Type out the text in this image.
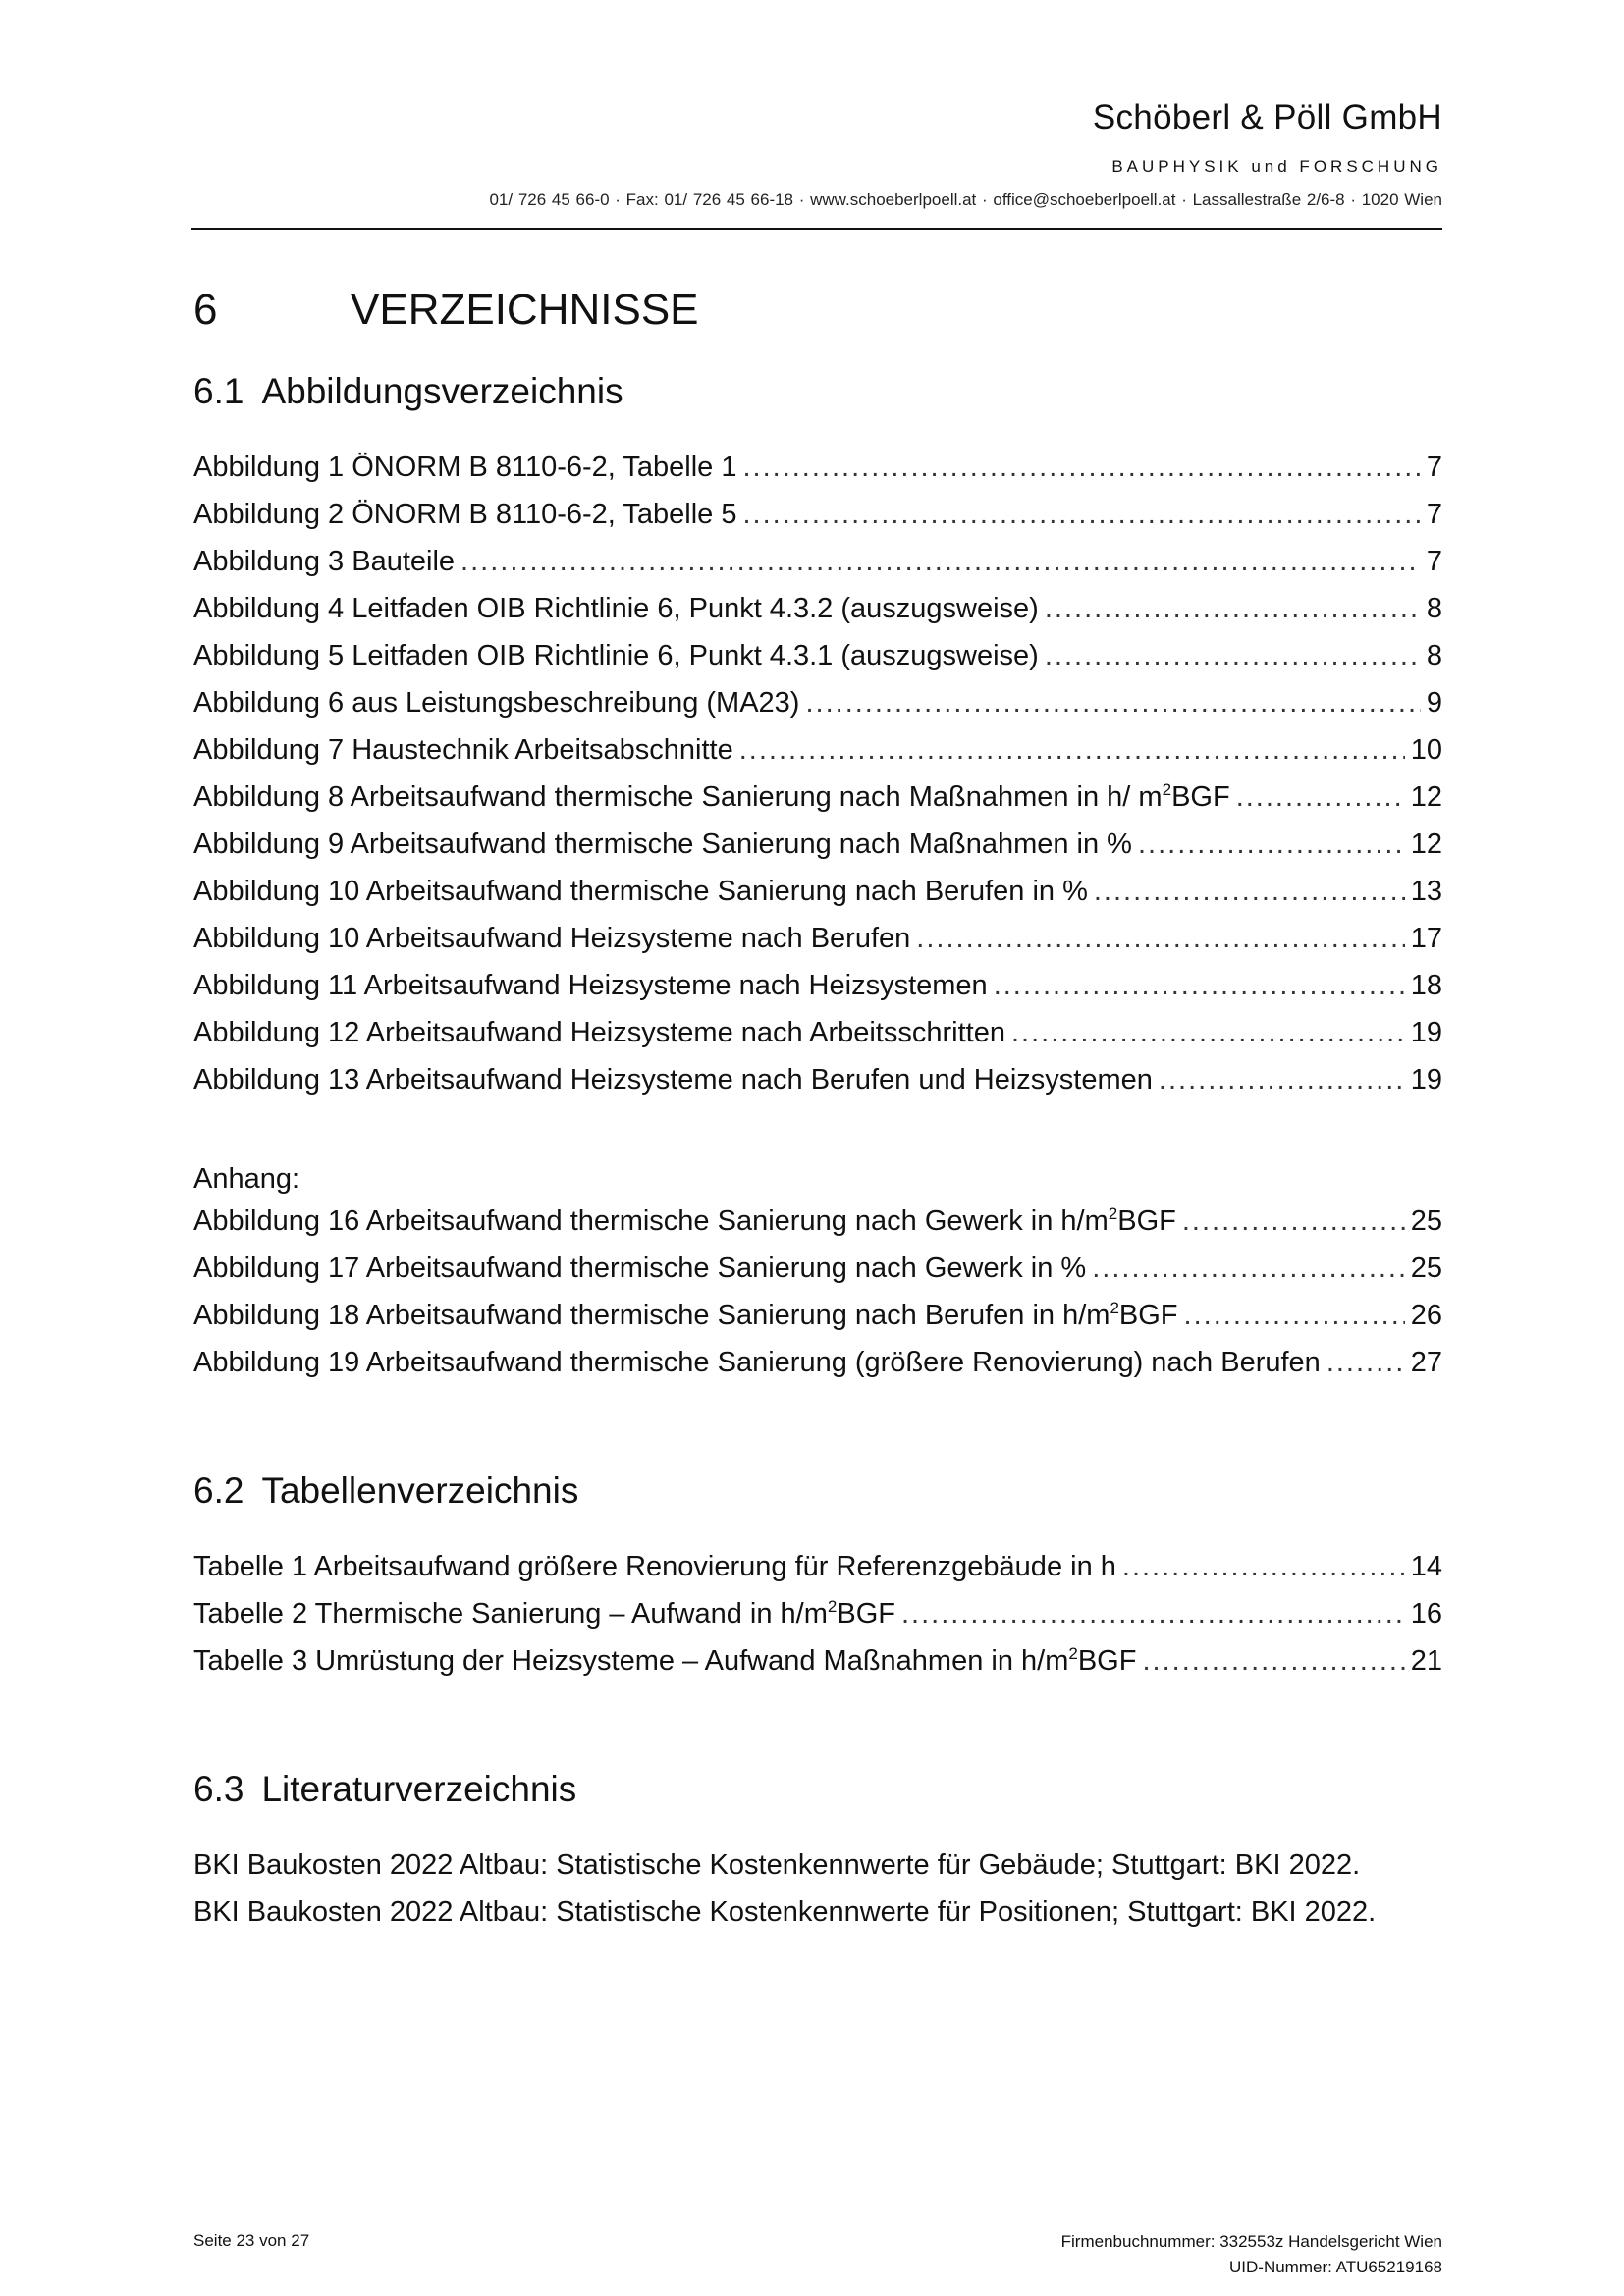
Schöberl & Pöll GmbH
BAUPHYSIK und FORSCHUNG
01/ 726 45 66-0 · Fax: 01/ 726 45 66-18 · www.schoeberlpoell.at · office@schoeberlpoell.at · Lassallestraße 2/6-8 · 1020 Wien
6	VERZEICHNISSE
6.1 Abbildungsverzeichnis
Abbildung 1 ÖNORM B 8110-6-2, Tabelle 1 .....	7
Abbildung 2 ÖNORM B 8110-6-2, Tabelle 5 .....	7
Abbildung 3 Bauteile .....	7
Abbildung 4 Leitfaden OIB Richtlinie 6, Punkt 4.3.2 (auszugsweise) .....	8
Abbildung 5 Leitfaden OIB Richtlinie 6, Punkt 4.3.1 (auszugsweise) .....	8
Abbildung 6 aus Leistungsbeschreibung (MA23) .....	9
Abbildung 7 Haustechnik Arbeitsabschnitte .....	10
Abbildung 8 Arbeitsaufwand thermische Sanierung nach Maßnahmen in h/ $m^2BGF$ .....	12
Abbildung 9 Arbeitsaufwand thermische Sanierung nach Maßnahmen in % .....	12
Abbildung 10 Arbeitsaufwand thermische Sanierung nach Berufen in % .....	13
Abbildung 10 Arbeitsaufwand Heizsysteme nach Berufen .....	17
Abbildung 11 Arbeitsaufwand Heizsysteme nach Heizsystemen .....	18
Abbildung 12 Arbeitsaufwand Heizsysteme nach Arbeitsschritten .....	19
Abbildung 13 Arbeitsaufwand Heizsysteme nach Berufen und Heizsystemen .....	19
Anhang:
Abbildung 16 Arbeitsaufwand thermische Sanierung nach Gewerk in $h/m^2BGF$ .....	25
Abbildung 17 Arbeitsaufwand thermische Sanierung nach Gewerk in % .....	25
Abbildung 18 Arbeitsaufwand thermische Sanierung nach Berufen in $h/m^2BGF$ .....	26
Abbildung 19 Arbeitsaufwand thermische Sanierung (größere Renovierung) nach Berufen .....	27
6.2 Tabellenverzeichnis
Tabelle 1 Arbeitsaufwand größere Renovierung für Referenzgebäude in h .....	14
Tabelle 2 Thermische Sanierung – Aufwand in $h/m^2BGF$ .....	16
Tabelle 3 Umrüstung der Heizsysteme – Aufwand Maßnahmen in $h/m^2BGF$ .....	21
6.3 Literaturverzeichnis
BKI Baukosten 2022 Altbau: Statistische Kostenkennwerte für Gebäude; Stuttgart: BKI 2022.
BKI Baukosten 2022 Altbau: Statistische Kostenkennwerte für Positionen; Stuttgart: BKI 2022.
Seite 23 von 27	Firmenbuchnummer: 332553z Handelsgericht Wien
UID-Nummer: ATU65219168
